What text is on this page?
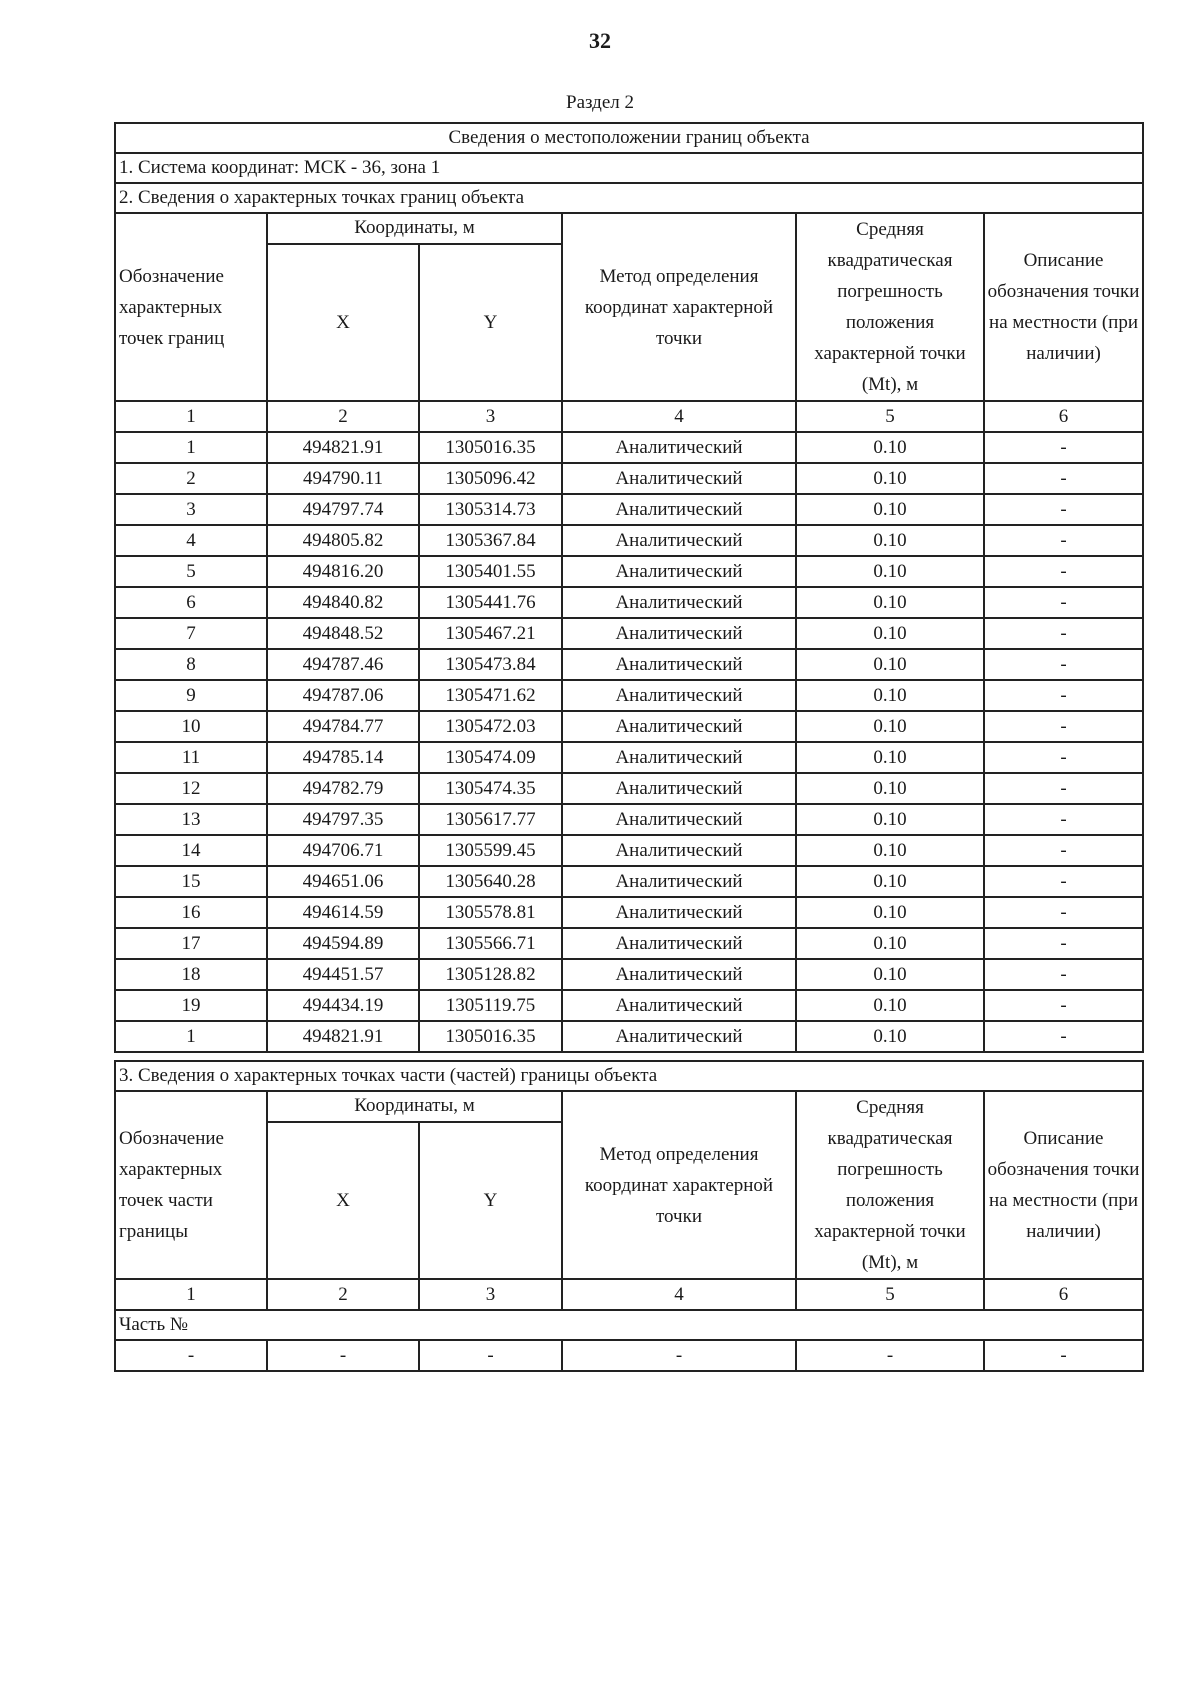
32
Раздел 2
Сведения о местоположении границ объекта					
1. Система координат: МСК - 36, зона 1					
2. Сведения о характерных точках границ объекта					
Обозначение характерных точек границ	Координаты, м		Метод определения координат характерной точки	Средняя квадратическая погрешность положения характерной точки (Mt), м	Описание обозначения точки на местности (при наличии)
	X	Y			
1	2	3	4	5	6
1	494821.91	1305016.35	Аналитический	0.10	-
2	494790.11	1305096.42	Аналитический	0.10	-
3	494797.74	1305314.73	Аналитический	0.10	-
4	494805.82	1305367.84	Аналитический	0.10	-
5	494816.20	1305401.55	Аналитический	0.10	-
6	494840.82	1305441.76	Аналитический	0.10	-
7	494848.52	1305467.21	Аналитический	0.10	-
8	494787.46	1305473.84	Аналитический	0.10	-
9	494787.06	1305471.62	Аналитический	0.10	-
10	494784.77	1305472.03	Аналитический	0.10	-
11	494785.14	1305474.09	Аналитический	0.10	-
12	494782.79	1305474.35	Аналитический	0.10	-
13	494797.35	1305617.77	Аналитический	0.10	-
14	494706.71	1305599.45	Аналитический	0.10	-
15	494651.06	1305640.28	Аналитический	0.10	-
16	494614.59	1305578.81	Аналитический	0.10	-
17	494594.89	1305566.71	Аналитический	0.10	-
18	494451.57	1305128.82	Аналитический	0.10	-
19	494434.19	1305119.75	Аналитический	0.10	-
1	494821.91	1305016.35	Аналитический	0.10	-
3. Сведения о характерных точках части (частей) границы объекта					
Обозначение характерных точек части границы	Координаты, м		Метод определения координат характерной точки	Средняя квадратическая погрешность положения характерной точки (Mt), м	Описание обозначения точки на местности (при наличии)
	X	Y			
1	2	3	4	5	6
Часть №					
-	-	-	-	-	-
